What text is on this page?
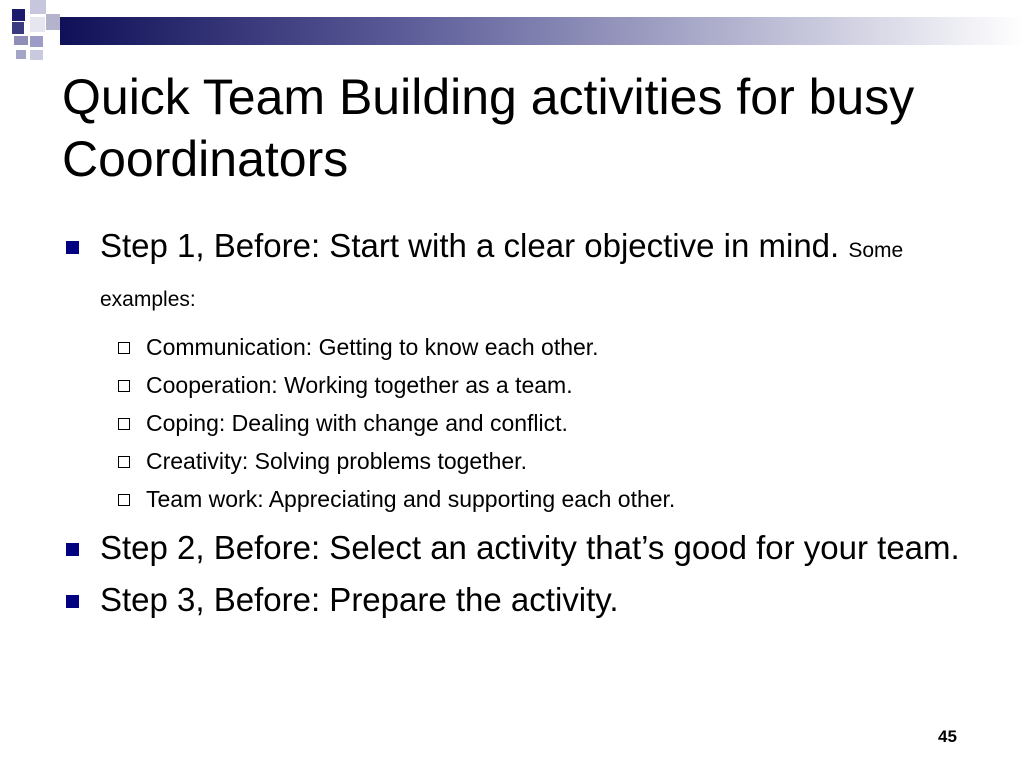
Quick Team Building activities for busy Coordinators
Step 1, Before: Start with a clear objective in mind. Some examples:
Communication: Getting to know each other.
Cooperation: Working together as a team.
Coping: Dealing with change and conflict.
Creativity: Solving problems together.
Team work: Appreciating and supporting each other.
Step 2, Before: Select an activity that’s good for your team.
Step 3, Before: Prepare the activity.
45
